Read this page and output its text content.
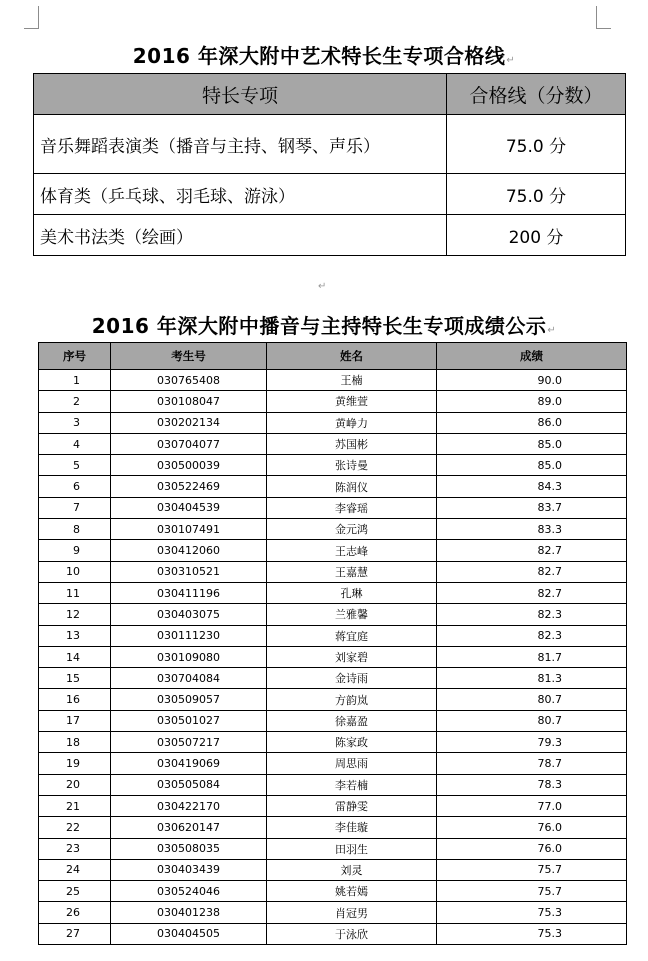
2016 年深大附中艺术特长生专项合格线↵
特长专项	合格线（分数）
音乐舞蹈表演类（播音与主持、钢琴、声乐）	75.0 分
体育类（乒乓球、羽毛球、游泳）	75.0 分
美术书法类（绘画）	200 分
↵
2016 年深大附中播音与主持特长生专项成绩公示↵
序号	考生号	姓名	成绩
1	030765408	王楠	90.0
2	030108047	黄维萱	89.0
3	030202134	黄峥力	86.0
4	030704077	苏国彬	85.0
5	030500039	张诗曼	85.0
6	030522469	陈润仪	84.3
7	030404539	李睿瑶	83.7
8	030107491	金元鸿	83.3
9	030412060	王志峰	82.7
10	030310521	王嘉慧	82.7
11	030411196	孔琳	82.7
12	030403075	兰雅馨	82.3
13	030111230	蒋宜庭	82.3
14	030109080	刘家碧	81.7
15	030704084	金诗雨	81.3
16	030509057	方韵岚	80.7
17	030501027	徐嘉盈	80.7
18	030507217	陈家政	79.3
19	030419069	周思雨	78.7
20	030505084	李若楠	78.3
21	030422170	雷静雯	77.0
22	030620147	李佳璇	76.0
23	030508035	田羽生	76.0
24	030403439	刘灵	75.7
25	030524046	姚若嫣	75.7
26	030401238	肖冠男	75.3
27	030404505	于泳欣	75.3
